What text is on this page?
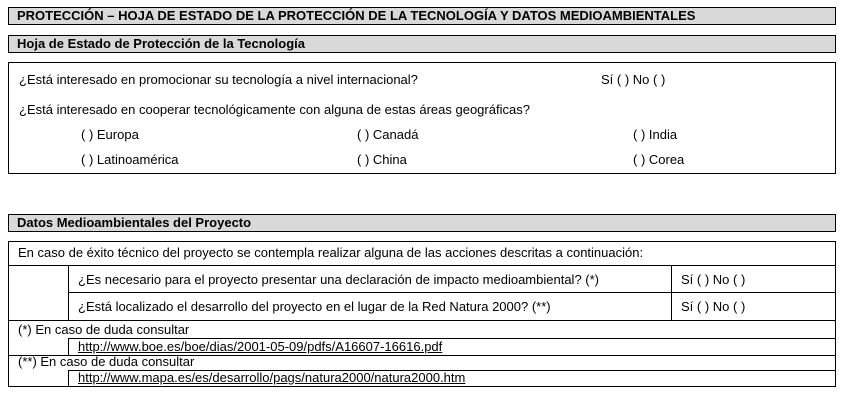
PROTECCIÓN – HOJA DE ESTADO DE LA PROTECCIÓN DE LA TECNOLOGÍA Y DATOS MEDIOAMBIENTALES
Hoja de Estado de Protección de la Tecnología
¿Está interesado en promocionar su tecnología a nivel internacional?	Sí ( ) No ( )
¿Está interesado en cooperar tecnológicamente con alguna de estas áreas geográficas?
( ) Europa	( ) Canadá	( ) India
( ) Latinoamérica	( ) China	( ) Corea
Datos Medioambientales del Proyecto
En caso de éxito técnico del proyecto se contempla realizar alguna de las acciones descritas a continuación:
¿Es necesario para el proyecto presentar una declaración de impacto medioambiental? (*)	Sí ( ) No ( )
¿Está localizado el desarrollo del proyecto en el lugar de la Red Natura 2000? (**)	Sí ( ) No ( )
(*) En caso de duda consultar
http://www.boe.es/boe/dias/2001-05-09/pdfs/A16607-16616.pdf
(**) En caso de duda consultar
http://www.mapa.es/es/desarrollo/pags/natura2000/natura2000.htm
